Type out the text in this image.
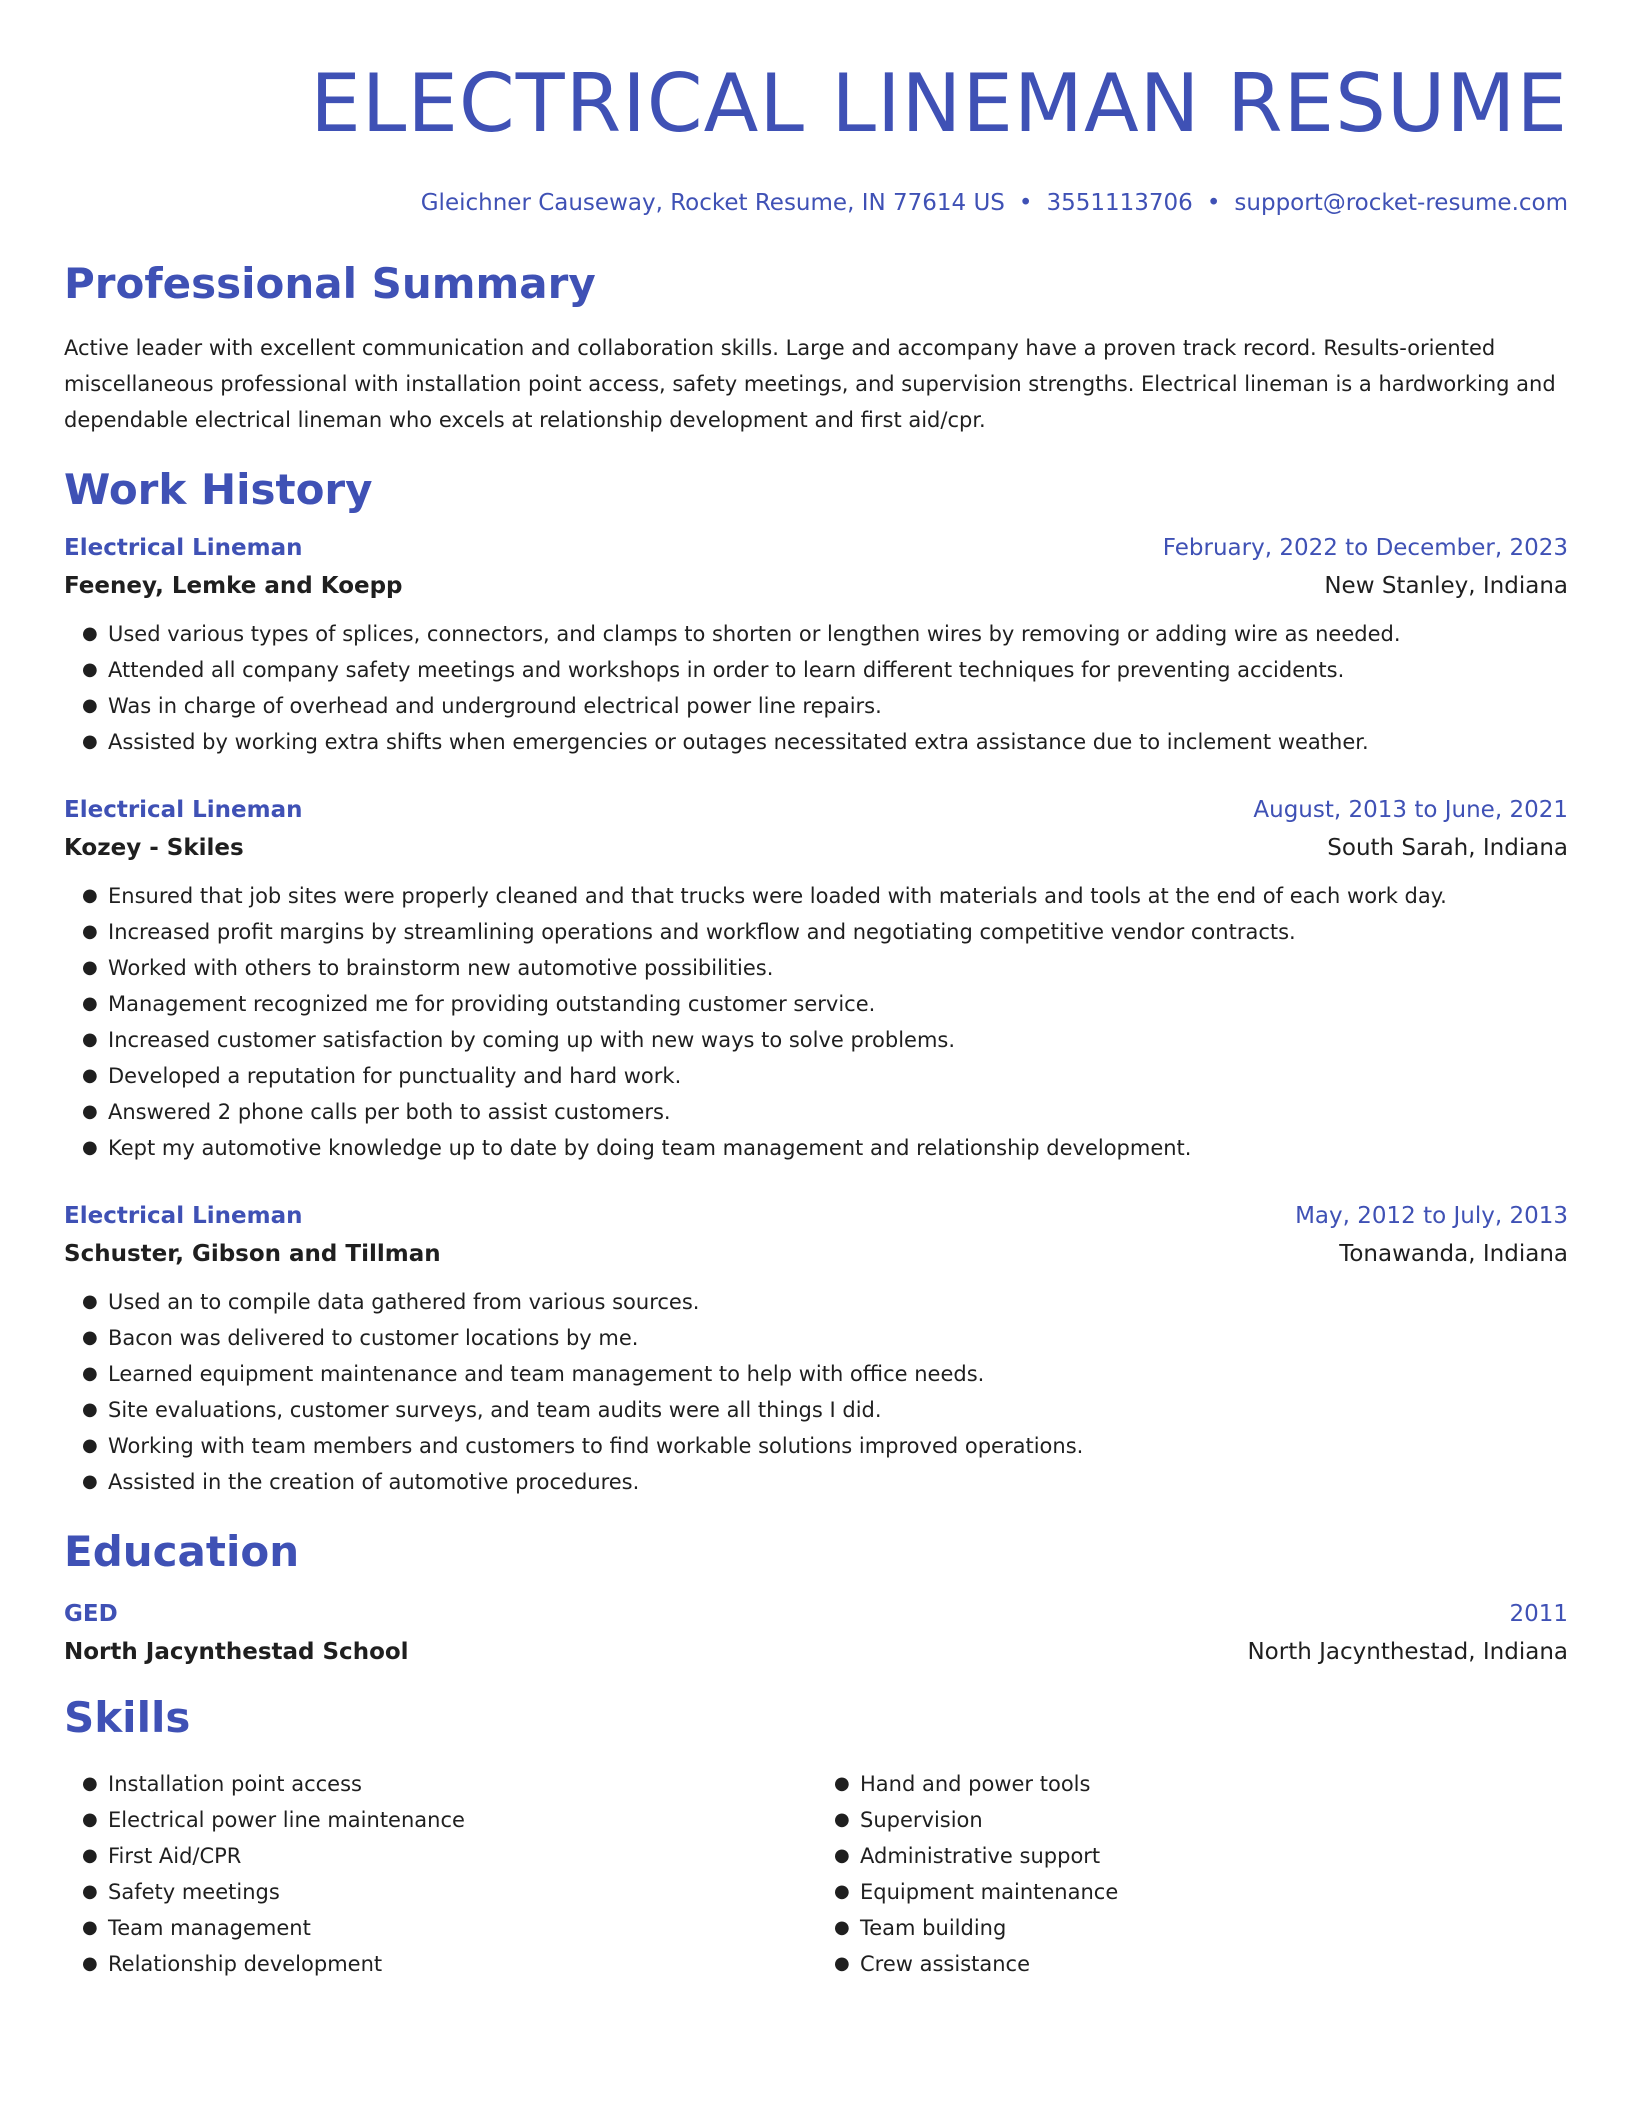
ELECTRICAL LINEMAN RESUME
Gleichner Causeway, Rocket Resume, IN 77614 US • 3551113706 • support@rocket-resume.com
Professional Summary
Active leader with excellent communication and collaboration skills. Large and accompany have a proven track record. Results-oriented miscellaneous professional with installation point access, safety meetings, and supervision strengths. Electrical lineman is a hardworking and dependable electrical lineman who excels at relationship development and first aid/cpr.
Work History
Electrical Lineman	February, 2022 to December, 2023
Feeney, Lemke and Koepp	New Stanley, Indiana
● Used various types of splices, connectors, and clamps to shorten or lengthen wires by removing or adding wire as needed.
● Attended all company safety meetings and workshops in order to learn different techniques for preventing accidents.
● Was in charge of overhead and underground electrical power line repairs.
● Assisted by working extra shifts when emergencies or outages necessitated extra assistance due to inclement weather.
Electrical Lineman	August, 2013 to June, 2021
Kozey - Skiles	South Sarah, Indiana
● Ensured that job sites were properly cleaned and that trucks were loaded with materials and tools at the end of each work day.
● Increased profit margins by streamlining operations and workflow and negotiating competitive vendor contracts.
● Worked with others to brainstorm new automotive possibilities.
● Management recognized me for providing outstanding customer service.
● Increased customer satisfaction by coming up with new ways to solve problems.
● Developed a reputation for punctuality and hard work.
● Answered 2 phone calls per both to assist customers.
● Kept my automotive knowledge up to date by doing team management and relationship development.
Electrical Lineman	May, 2012 to July, 2013
Schuster, Gibson and Tillman	Tonawanda, Indiana
● Used an to compile data gathered from various sources.
● Bacon was delivered to customer locations by me.
● Learned equipment maintenance and team management to help with office needs.
● Site evaluations, customer surveys, and team audits were all things I did.
● Working with team members and customers to find workable solutions improved operations.
● Assisted in the creation of automotive procedures.
Education
GED	2011
North Jacynthestad School	North Jacynthestad, Indiana
Skills
● Installation point access
● Electrical power line maintenance
● First Aid/CPR
● Safety meetings
● Team management
● Relationship development
● Hand and power tools
● Supervision
● Administrative support
● Equipment maintenance
● Team building
● Crew assistance
